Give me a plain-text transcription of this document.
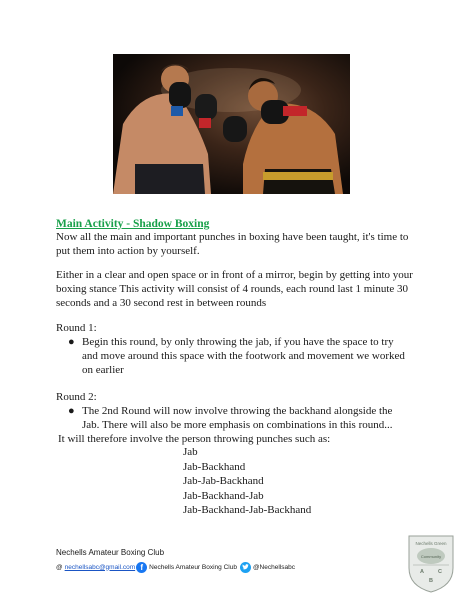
Main Activity - Shadow Boxing
Now all the main and important punches in boxing have been taught, it's time to put them into action by yourself.
Either in a clear and open space or in front of a mirror, begin by getting into your boxing stance This activity will consist of 4 rounds, each round last 1 minute 30 seconds and a 30 second rest in between rounds
Round 1:
● Begin this round, by only throwing the jab, if you have the space to try and move around this space with the footwork and movement we worked on earlier
Round 2:
● The 2nd Round will now involve throwing the backhand alongside the Jab. There will also be more emphasis on combinations in this round...
It will therefore involve the person throwing punches such as:
Jab
Jab-Backhand
Jab-Jab-Backhand
Jab-Backhand-Jab
Jab-Backhand-Jab-Backhand
Nechells Amateur Boxing Club
@ nechellsabc@gmail.com f Nechells Amateur Boxing Club @Nechellsabc
Nechells Green
Community
A
B
C
